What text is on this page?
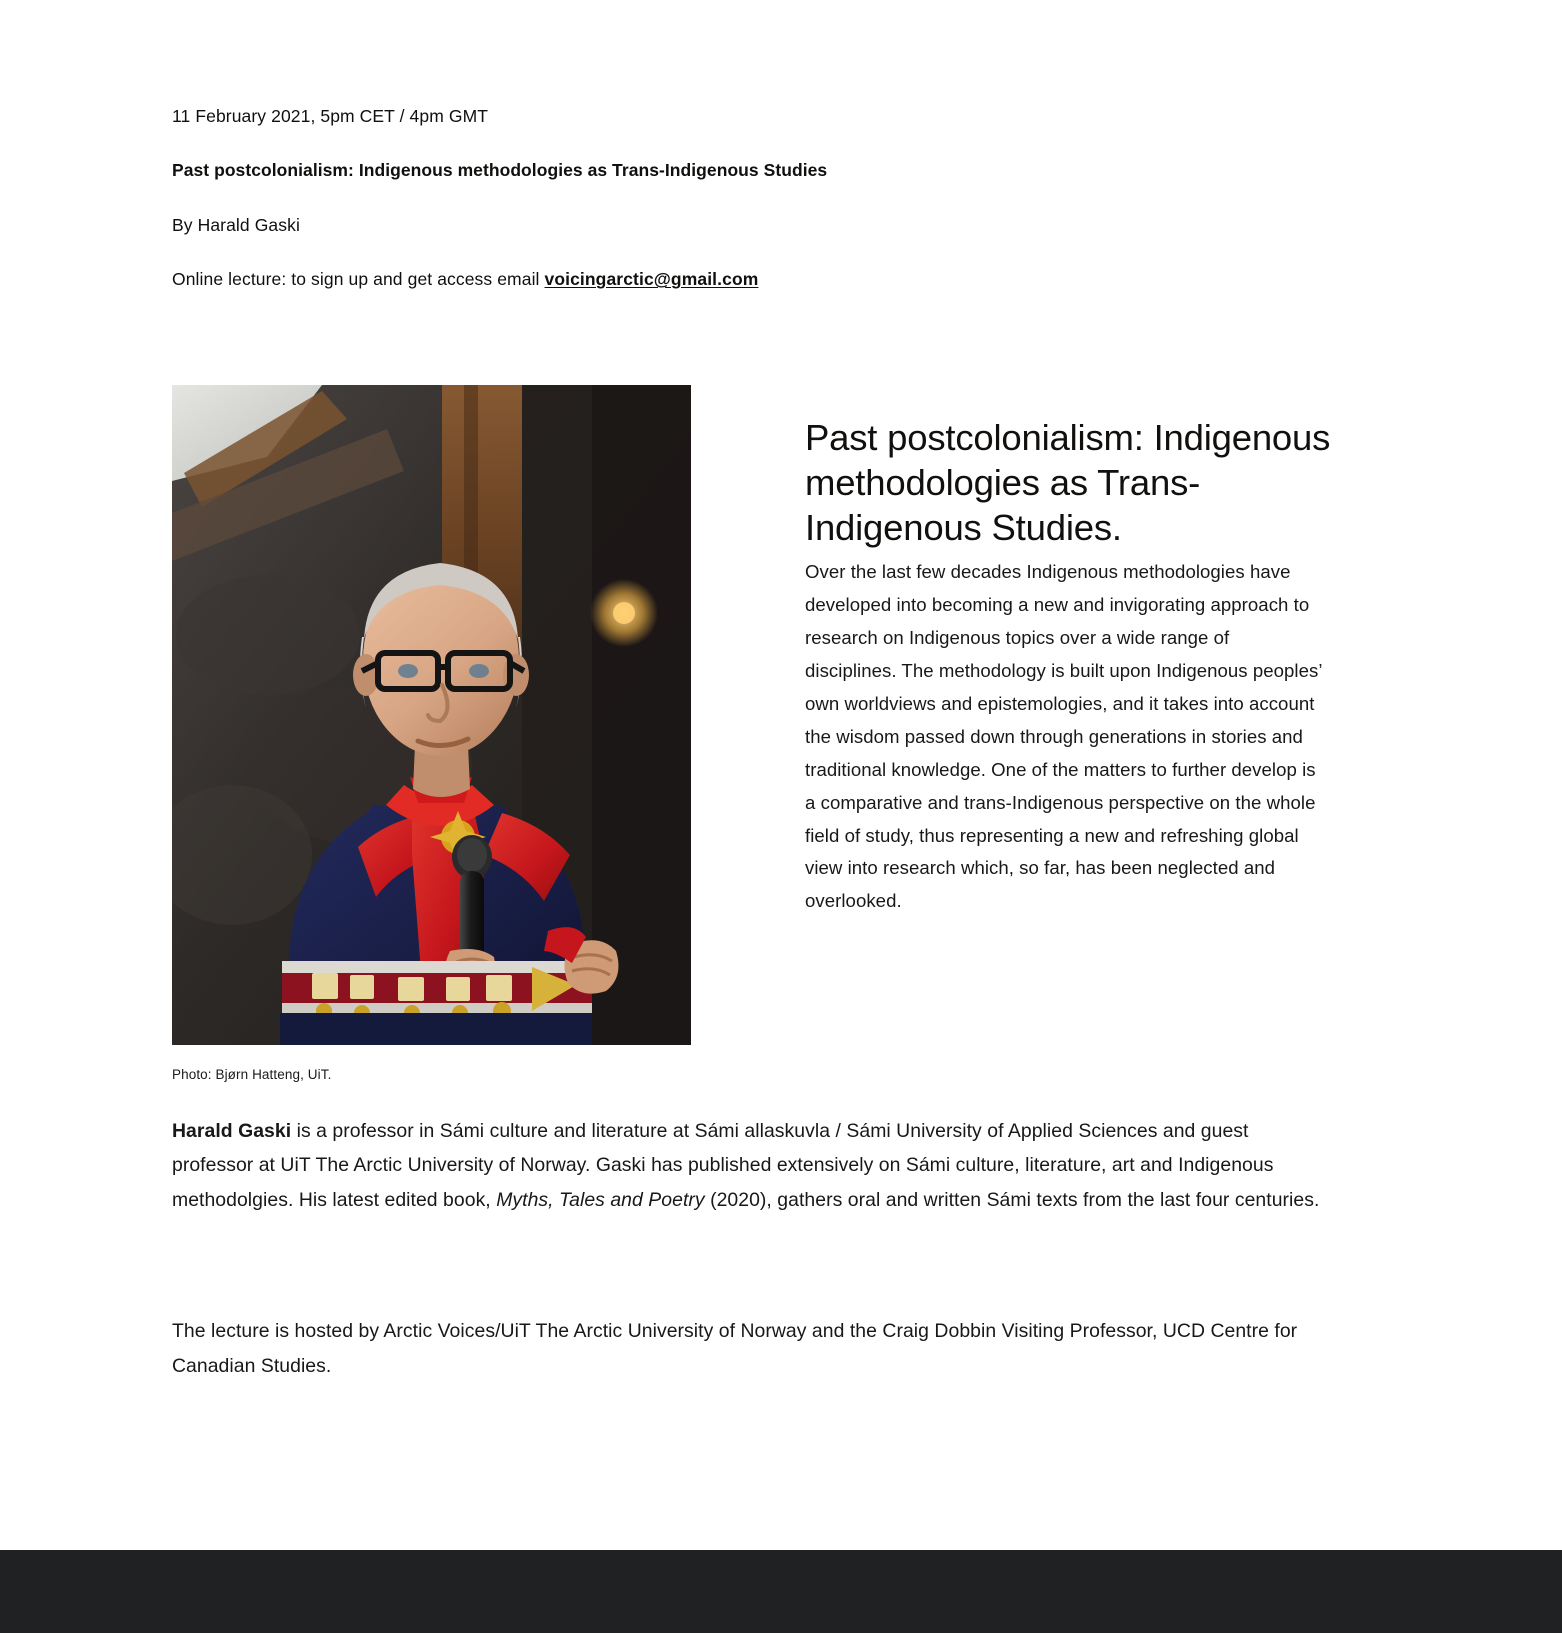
11 February 2021, 5pm CET / 4pm GMT

Past postcolonialism: Indigenous methodologies as Trans-Indigenous Studies

By Harald Gaski

Online lecture: to sign up and get access email voicingarctic@gmail.com

Photo: Bjørn Hatteng, UiT.
Past postcolonialism: Indigenous methodologies as Trans-Indigenous Studies.

Over the last few decades Indigenous methodologies have developed into becoming a new and invigorating approach to research on Indigenous topics over a wide range of disciplines. The methodology is built upon Indigenous peoples’ own worldviews and epistemologies, and it takes into account the wisdom passed down through generations in stories and traditional knowledge. One of the matters to further develop is a comparative and trans-Indigenous perspective on the whole field of study, thus representing a new and refreshing global view into research which, so far, has been neglected and overlooked.

Harald Gaski is a professor in Sámi culture and literature at Sámi allaskuvla / Sámi University of Applied Sciences and guest professor at UiT The Arctic University of Norway. Gaski has published extensively on Sámi culture, literature, art and Indigenous methodolgies. His latest edited book, Myths, Tales and Poetry (2020), gathers oral and written Sámi texts from the last four centuries.

The lecture is hosted by Arctic Voices/UiT The Arctic University of Norway and the Craig Dobbin Visiting Professor, UCD Centre for Canadian Studies.
